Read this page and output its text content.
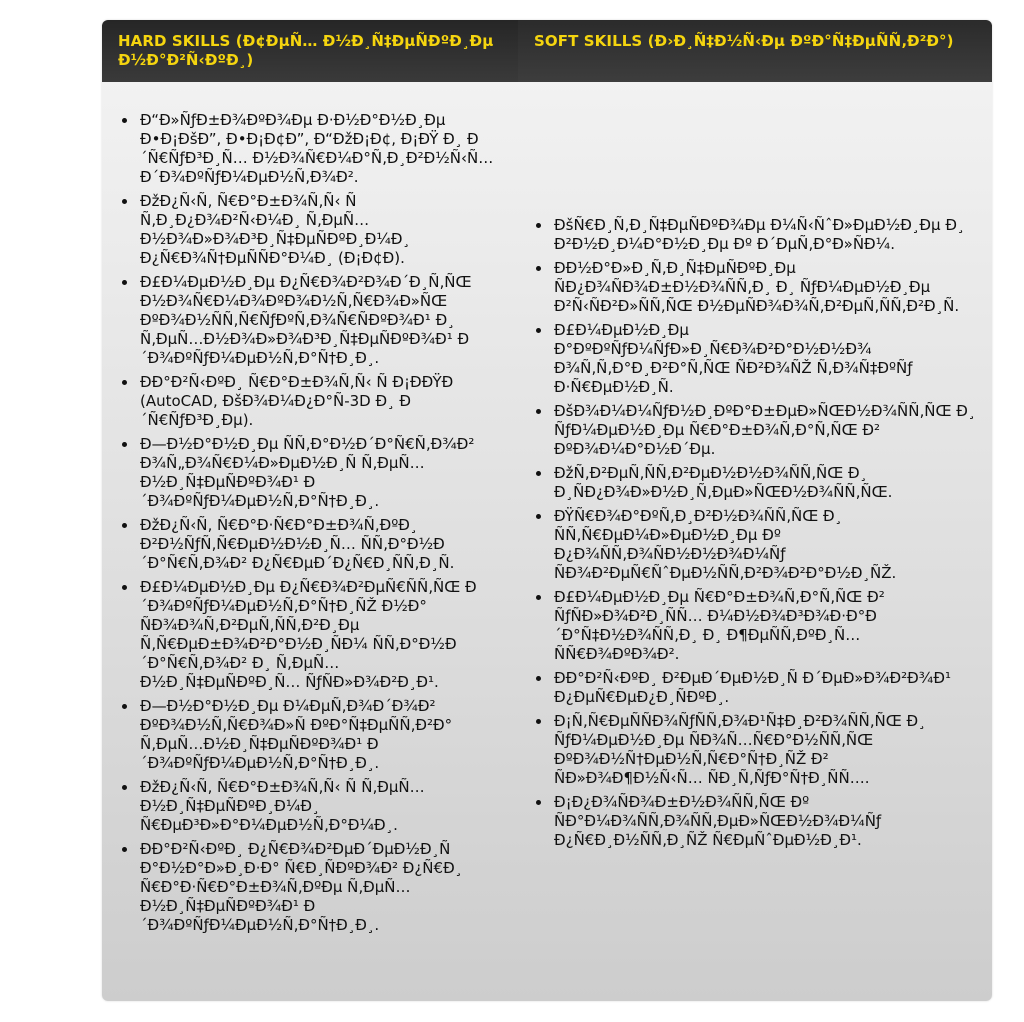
HARD SKILLS (Ð¢ÐµÑ… Ð½Ð¸Ñ‡ÐµÑÐºÐ¸Ðµ Ð½Ð°Ð²Ñ‹ÐºÐ¸)
SOFT SKILLS (Ð›Ð¸Ñ‡Ð½Ñ‹Ðµ ÐºÐ°Ñ‡ÐµÑÑ‚Ð²Ð°)
• Ð“Ð»ÑƒÐ±Ð¾ÐºÐ¾Ðµ Ð·Ð½Ð°Ð½Ð¸Ðµ Ð•Ð¡ÐšÐ”, Ð•Ð¡Ð¢Ð”, Ð“ÐžÐ¡Ð¢, Ð¡ÐŸ Ð¸ Ð´Ñ€ÑƒÐ³Ð¸Ñ… Ð½Ð¾Ñ€Ð¼Ð°Ñ‚Ð¸Ð²Ð½Ñ‹Ñ… Ð´Ð¾ÐºÑƒÐ¼ÐµÐ½Ñ‚Ð¾Ð².
• ÐžÐ¿Ñ‹Ñ‚ Ñ€Ð°Ð±Ð¾Ñ‚Ñ‹ Ñ Ñ‚Ð¸Ð¿Ð¾Ð²Ñ‹Ð¼Ð¸ Ñ‚ÐµÑ…Ð½Ð¾Ð»Ð¾Ð³Ð¸Ñ‡ÐµÑÐºÐ¸Ð¼Ð¸ Ð¿Ñ€Ð¾Ñ†ÐµÑÑÐ°Ð¼Ð¸ (Ð¡Ð¢Ð).
• Ð£Ð¼ÐµÐ½Ð¸Ðµ Ð¿Ñ€Ð¾Ð²Ð¾Ð´Ð¸Ñ‚ÑŒ Ð½Ð¾Ñ€Ð¼Ð¾ÐºÐ¾Ð½Ñ‚Ñ€Ð¾Ð»ÑŒ ÐºÐ¾Ð½ÑÑ‚Ñ€ÑƒÐºÑ‚Ð¾Ñ€ÑÐºÐ¾Ð¹ Ð¸ Ñ‚ÐµÑ…Ð½Ð¾Ð»Ð¾Ð³Ð¸Ñ‡ÐµÑÐºÐ¾Ð¹ Ð´Ð¾ÐºÑƒÐ¼ÐµÐ½Ñ‚Ð°Ñ†Ð¸Ð¸.
• ÐÐ°Ð²Ñ‹ÐºÐ¸ Ñ€Ð°Ð±Ð¾Ñ‚Ñ‹ Ñ Ð¡ÐÐŸÐ (AutoCAD, ÐšÐ¾Ð¼Ð¿Ð°Ñ-3D Ð¸ Ð´Ñ€ÑƒÐ³Ð¸Ðµ).
• Ð—Ð½Ð°Ð½Ð¸Ðµ ÑÑ‚Ð°Ð½Ð´Ð°Ñ€Ñ‚Ð¾Ð² Ð¾Ñ„Ð¾Ñ€Ð¼Ð»ÐµÐ½Ð¸Ñ Ñ‚ÐµÑ… Ð½Ð¸Ñ‡ÐµÑÐºÐ¾Ð¹ Ð´Ð¾ÐºÑƒÐ¼ÐµÐ½Ñ‚Ð°Ñ†Ð¸Ð¸.
• ÐžÐ¿Ñ‹Ñ‚ Ñ€Ð°Ð·Ñ€Ð°Ð±Ð¾Ñ‚ÐºÐ¸ Ð²Ð½ÑƒÑ‚Ñ€ÐµÐ½Ð½Ð¸Ñ… ÑÑ‚Ð°Ð½Ð´Ð°Ñ€Ñ‚Ð¾Ð² Ð¿Ñ€ÐµÐ´Ð¿Ñ€Ð¸ÑÑ‚Ð¸Ñ.
• Ð£Ð¼ÐµÐ½Ð¸Ðµ Ð¿Ñ€Ð¾Ð²ÐµÑ€ÑÑ‚ÑŒ Ð´Ð¾ÐºÑƒÐ¼ÐµÐ½Ñ‚Ð°Ñ†Ð¸ÑŽ Ð½Ð° ÑÐ¾Ð¾Ñ‚Ð²ÐµÑ‚ÑÑ‚Ð²Ð¸Ðµ Ñ‚Ñ€ÐµÐ±Ð¾Ð²Ð°Ð½Ð¸ÑÐ¼ ÑÑ‚Ð°Ð½Ð´Ð°Ñ€Ñ‚Ð¾Ð² Ð¸ Ñ‚ÐµÑ… Ð½Ð¸Ñ‡ÐµÑÐºÐ¸Ñ… ÑƒÑÐ»Ð¾Ð²Ð¸Ð¹.
• Ð—Ð½Ð°Ð½Ð¸Ðµ Ð¼ÐµÑ‚Ð¾Ð´Ð¾Ð² ÐºÐ¾Ð½Ñ‚Ñ€Ð¾Ð»Ñ ÐºÐ°Ñ‡ÐµÑÑ‚Ð²Ð° Ñ‚ÐµÑ…Ð½Ð¸Ñ‡ÐµÑÐºÐ¾Ð¹ Ð´Ð¾ÐºÑƒÐ¼ÐµÐ½Ñ‚Ð°Ñ†Ð¸Ð¸.
• ÐžÐ¿Ñ‹Ñ‚ Ñ€Ð°Ð±Ð¾Ñ‚Ñ‹ Ñ Ñ‚ÐµÑ… Ð½Ð¸Ñ‡ÐµÑÐºÐ¸Ð¼Ð¸ Ñ€ÐµÐ³Ð»Ð°Ð¼ÐµÐ½Ñ‚Ð°Ð¼Ð¸.
• ÐÐ°Ð²Ñ‹ÐºÐ¸ Ð¿Ñ€Ð¾Ð²ÐµÐ´ÐµÐ½Ð¸Ñ Ð°Ð½Ð°Ð»Ð¸Ð·Ð° Ñ€Ð¸ÑÐºÐ¾Ð² Ð¿Ñ€Ð¸ Ñ€Ð°Ð·Ñ€Ð°Ð±Ð¾Ñ‚ÐºÐµ Ñ‚ÐµÑ… Ð½Ð¸Ñ‡ÐµÑÐºÐ¾Ð¹ Ð´Ð¾ÐºÑƒÐ¼ÐµÐ½Ñ‚Ð°Ñ†Ð¸Ð¸.
• ÐšÑ€Ð¸Ñ‚Ð¸Ñ‡ÐµÑÐºÐ¾Ðµ Ð¼Ñ‹ÑˆÐ»ÐµÐ½Ð¸Ðµ Ð¸ Ð²Ð½Ð¸Ð¼Ð°Ð½Ð¸Ðµ Ðº Ð´ÐµÑ‚Ð°Ð»ÑÐ¼.
• ÐÐ½Ð°Ð»Ð¸Ñ‚Ð¸Ñ‡ÐµÑÐºÐ¸Ðµ ÑÐ¿Ð¾ÑÐ¾Ð±Ð½Ð¾ÑÑ‚Ð¸ Ð¸ ÑƒÐ¼ÐµÐ½Ð¸Ðµ Ð²Ñ‹ÑÐ²Ð»ÑÑ‚ÑŒ Ð½ÐµÑÐ¾Ð¾Ñ‚Ð²ÐµÑ‚ÑÑ‚Ð²Ð¸Ñ.
• Ð£Ð¼ÐµÐ½Ð¸Ðµ Ð°ÐºÐºÑƒÐ¼ÑƒÐ»Ð¸Ñ€Ð¾Ð²Ð°Ð½Ð½Ð¾ Ð¾Ñ‚Ñ‚Ð°Ð¸Ð²Ð°Ñ‚ÑŒ ÑÐ²Ð¾ÑŽ Ñ‚Ð¾Ñ‡ÐºÑƒ Ð·Ñ€ÐµÐ½Ð¸Ñ.
• ÐšÐ¾Ð¼Ð¼ÑƒÐ½Ð¸ÐºÐ°Ð±ÐµÐ»ÑŒÐ½Ð¾ÑÑ‚ÑŒ Ð¸ ÑƒÐ¼ÐµÐ½Ð¸Ðµ Ñ€Ð°Ð±Ð¾Ñ‚Ð°Ñ‚ÑŒ Ð² ÐºÐ¾Ð¼Ð°Ð½Ð´Ðµ.
• ÐžÑ‚Ð²ÐµÑ‚ÑÑ‚Ð²ÐµÐ½Ð½Ð¾ÑÑ‚ÑŒ Ð¸ Ð¸ÑÐ¿Ð¾Ð»Ð½Ð¸Ñ‚ÐµÐ»ÑŒÐ½Ð¾ÑÑ‚ÑŒ.
• ÐŸÑ€Ð¾Ð°ÐºÑ‚Ð¸Ð²Ð½Ð¾ÑÑ‚ÑŒ Ð¸ ÑÑ‚Ñ€ÐµÐ¼Ð»ÐµÐ½Ð¸Ðµ Ðº Ð¿Ð¾ÑÑ‚Ð¾ÑÐ½Ð½Ð¾Ð¼Ñƒ ÑÐ¾Ð²ÐµÑ€ÑˆÐµÐ½ÑÑ‚Ð²Ð¾Ð²Ð°Ð½Ð¸ÑŽ.
• Ð£Ð¼ÐµÐ½Ð¸Ðµ Ñ€Ð°Ð±Ð¾Ñ‚Ð°Ñ‚ÑŒ Ð² ÑƒÑÐ»Ð¾Ð²Ð¸ÑÑ… Ð¼Ð½Ð¾Ð³Ð¾Ð·Ð°Ð´Ð°Ñ‡Ð½Ð¾ÑÑ‚Ð¸ Ð¸ Ð¶ÐµÑÑ‚ÐºÐ¸Ñ… ÑÑ€Ð¾ÐºÐ¾Ð².
• ÐÐ°Ð²Ñ‹ÐºÐ¸ Ð²ÐµÐ´ÐµÐ½Ð¸Ñ Ð´ÐµÐ»Ð¾Ð²Ð¾Ð¹ Ð¿ÐµÑ€ÐµÐ¿Ð¸ÑÐºÐ¸.
• Ð¡Ñ‚Ñ€ÐµÑÑÐ¾ÑƒÑÑ‚Ð¾Ð¹Ñ‡Ð¸Ð²Ð¾ÑÑ‚ÑŒ Ð¸ ÑƒÐ¼ÐµÐ½Ð¸Ðµ ÑÐ¾Ñ…Ñ€Ð°Ð½ÑÑ‚ÑŒ ÐºÐ¾Ð½Ñ†ÐµÐ½Ñ‚Ñ€Ð°Ñ†Ð¸ÑŽ Ð² ÑÐ»Ð¾Ð¶Ð½Ñ‹Ñ… ÑÐ¸Ñ‚ÑƒÐ°Ñ†Ð¸ÑÑ….
• Ð¡Ð¿Ð¾ÑÐ¾Ð±Ð½Ð¾ÑÑ‚ÑŒ Ðº ÑÐ°Ð¼Ð¾ÑÑ‚Ð¾ÑÑ‚ÐµÐ»ÑŒÐ½Ð¾Ð¼Ñƒ Ð¿Ñ€Ð¸Ð½ÑÑ‚Ð¸ÑŽ Ñ€ÐµÑˆÐµÐ½Ð¸Ð¹.
